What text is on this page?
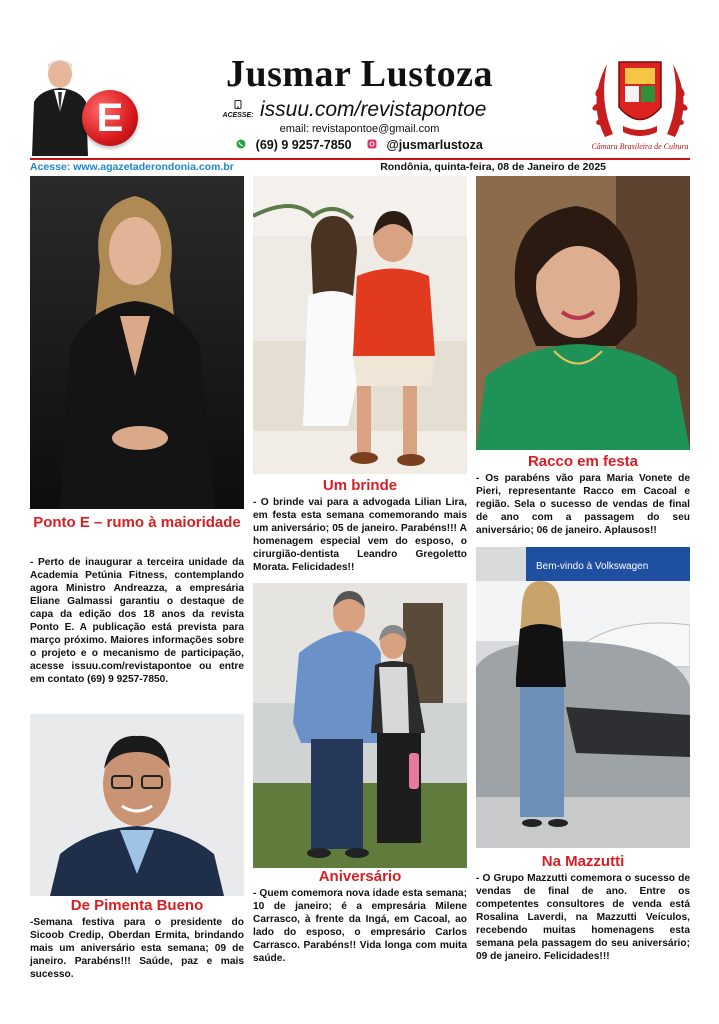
E
Jusmar Lustoza

ACESSE: issuu.com/revistapontoe
email: revistapontoe@gmail.com
(69) 9 9257-7850	@jusmarlustoza	Câmara Brasileira de Cultura
Acesse: www.agazetaderondonia.com.br	Rondônia, quinta-feira, 08 de Janeiro de 2025
Ponto E – rumo à maioridade
- Perto de inaugurar a terceira unidade da Academia Petúnia Fitness, contemplando agora Ministro Andreazza, a empresária Eliane Galmassi garantiu o destaque de capa da edição dos 18 anos da revista Ponto E. A publicação está prevista para março próximo. Maiores informações sobre o projeto e o mecanismo de participação, acesse issuu.com/revistapontoe ou entre em contato (69) 9 9257-7850.
De Pimenta Bueno
-Semana festiva para o presidente do Sicoob Credip, Oberdan Ermita, brindando mais um aniversário esta semana; 09 de janeiro. Parabéns!!! Saúde, paz e mais sucesso.
Um brinde
- O brinde vai para a advogada Lilian Lira, em festa esta semana comemorando mais um aniversário; 05 de janeiro. Parabéns!!! A homenagem especial vem do esposo, o cirurgião-dentista Leandro Gregoletto Morata. Felicidades!!
Aniversário
- Quem comemora nova idade esta semana; 10 de janeiro; é a empresária Milene Carrasco, à frente da Ingá, em Cacoal, ao lado do esposo, o empresário Carlos Carrasco. Parabéns!! Vida longa com muita saúde.
Racco em festa
- Os parabéns vão para Maria Vonete de Pieri, representante Racco em Cacoal e região. Sela o sucesso de vendas de final de ano com a passagem do seu aniversário; 06 de janeiro. Aplausos!!
Bem-vindo à Volkswagen
Na Mazzutti
- O Grupo Mazzutti comemora o sucesso de vendas de final de ano. Entre os competentes consultores de venda está Rosalina Laverdi, na Mazzutti Veículos, recebendo muitas homenagens esta semana pela passagem do seu aniversário; 09 de janeiro. Felicidades!!!
